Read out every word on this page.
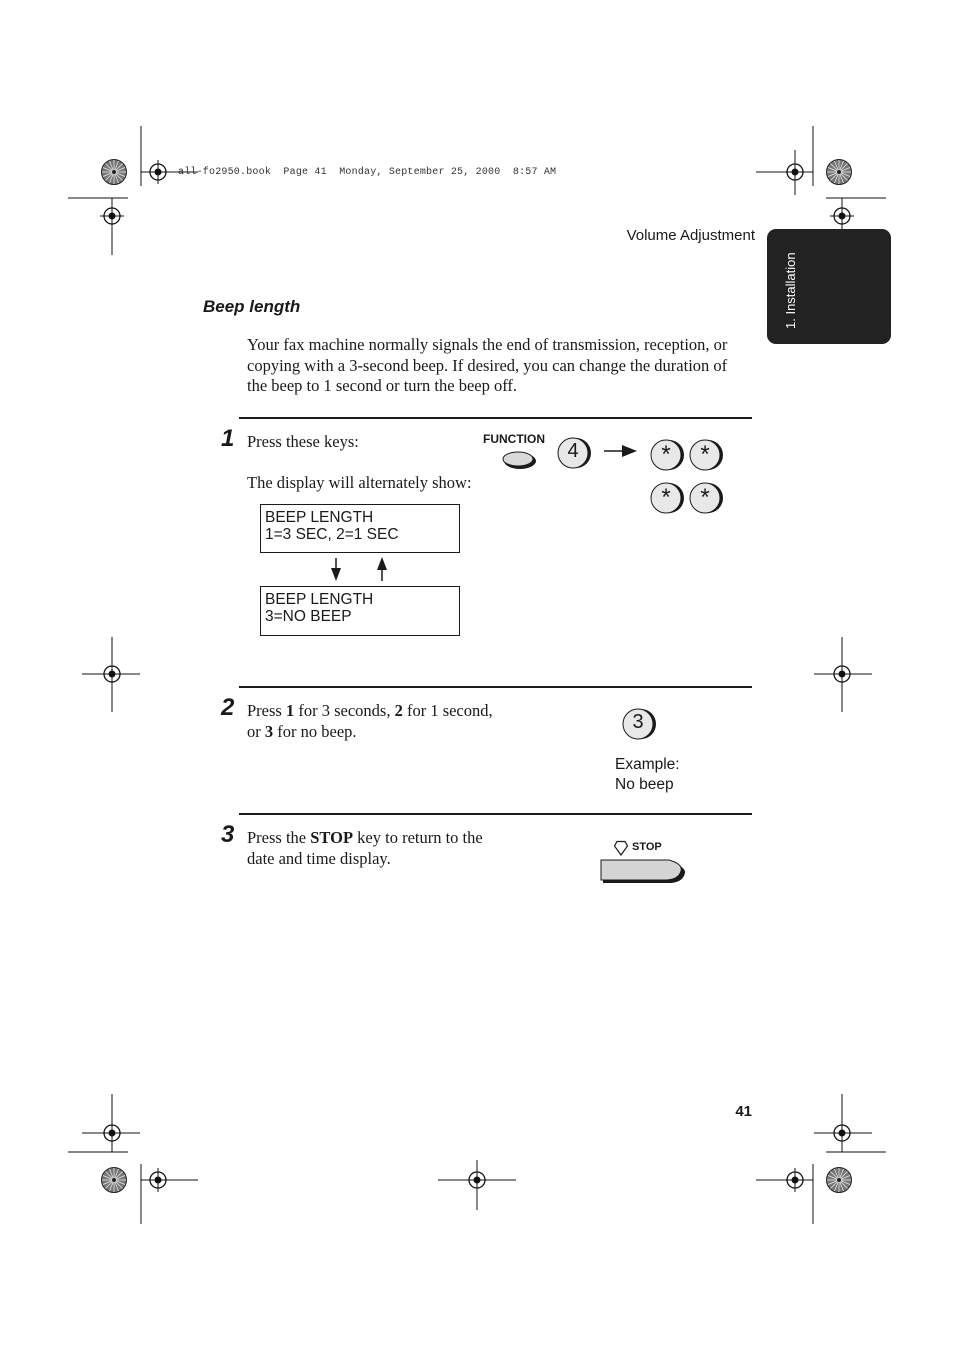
all-fo2950.book  Page 41  Monday, September 25, 2000  8:57 AM
Volume Adjustment
1. Installation
Beep length
Your fax machine normally signals the end of transmission, reception, or copying with a 3-second beep. If desired, you can change the duration of the beep to 1 second or turn the beep off.
1 Press these keys:
The display will alternately show:
FUNCTION
4	*	*
*	*
BEEP LENGTH
1=3 SEC, 2=1 SEC
BEEP LENGTH
3=NO BEEP
2 Press 1 for 3 seconds, 2 for 1 second,
or 3 for no beep.	3
Example:
No beep
3 Press the STOP key to return to the
date and time display.
STOP
41
